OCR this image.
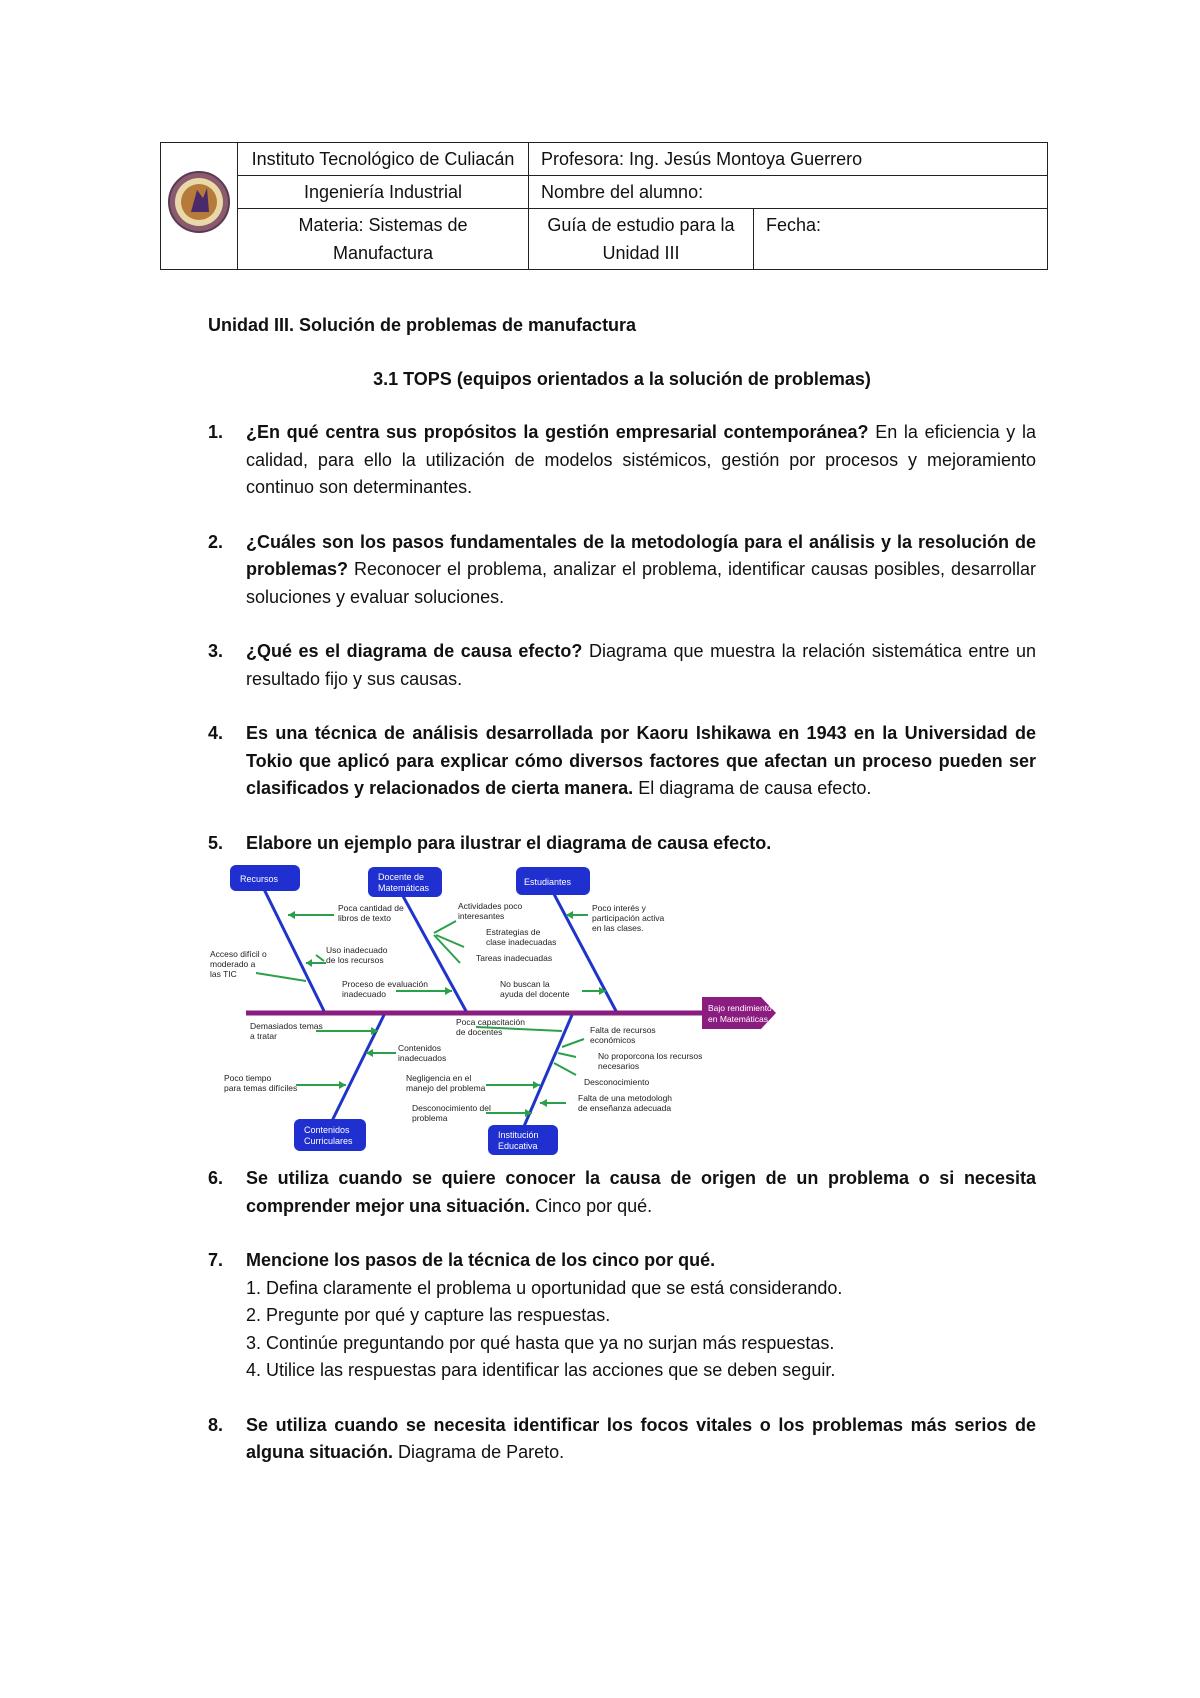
	Instituto Tecnológico de Culiacán	Profesora: Ing. Jesús Montoya Guerrero	
	Ingeniería Industrial	Nombre del alumno:	
	Materia: Sistemas de Manufactura	Guía de estudio para la Unidad III	Fecha:

Unidad III. Solución de problemas de manufactura

3.1 TOPS (equipos orientados a la solución de problemas)

1. ¿En qué centra sus propósitos la gestión empresarial contemporánea? En la eficiencia y la calidad, para ello la utilización de modelos sistémicos, gestión por procesos y mejoramiento continuo son determinantes.
2. ¿Cuáles son los pasos fundamentales de la metodología para el análisis y la resolución de problemas? Reconocer el problema, analizar el problema, identificar causas posibles, desarrollar soluciones y evaluar soluciones.
3. ¿Qué es el diagrama de causa efecto? Diagrama que muestra la relación sistemática entre un resultado fijo y sus causas.
4. Es una técnica de análisis desarrollada por Kaoru Ishikawa en 1943 en la Universidad de Tokio que aplicó para explicar cómo diversos factores que afectan un proceso pueden ser clasificados y relacionados de cierta manera. El diagrama de causa efecto.
5. Elabore un ejemplo para ilustrar el diagrama de causa efecto.
Bajo rendimiento
en Matemáticas
Recursos	Docente de
Matemáticas
Estudiantes
Contenidos
Curriculares
Institución
Educativa
Poca cantidad de
libros de texto
Uso inadecuado
de los recursos
Acceso difícil o
moderado a
las TIC
Actividades poco
interesantes
Estrategias de
clase inadecuadas
Tareas inadecuadas
Proceso de evaluación
inadecuado
Poco interés y
participación activa
en las clases.
No buscan la
ayuda del docente
Demasiados temas
a tratar
Contenidos
inadecuados
Poco tiempo
para temas difíciles
Poca capacitación
de docentes	Falta de recursos
económicos
No proporcona los recursos
necesarios
Desconocimiento
Negligencia en el
manejo del problema
Desconocimiento del
problema
Falta de una metodologh
de enseñanza adecuada
6. Se utiliza cuando se quiere conocer la causa de origen de un problema o si necesita comprender mejor una situación. Cinco por qué.
7. Mencione los pasos de la técnica de los cinco por qué.
1. Defina claramente el problema u oportunidad que se está considerando.
2. Pregunte por qué y capture las respuestas.
3. Continúe preguntando por qué hasta que ya no surjan más respuestas.
4. Utilice las respuestas para identificar las acciones que se deben seguir.
8. Se utiliza cuando se necesita identificar los focos vitales o los problemas más serios de alguna situación. Diagrama de Pareto.
